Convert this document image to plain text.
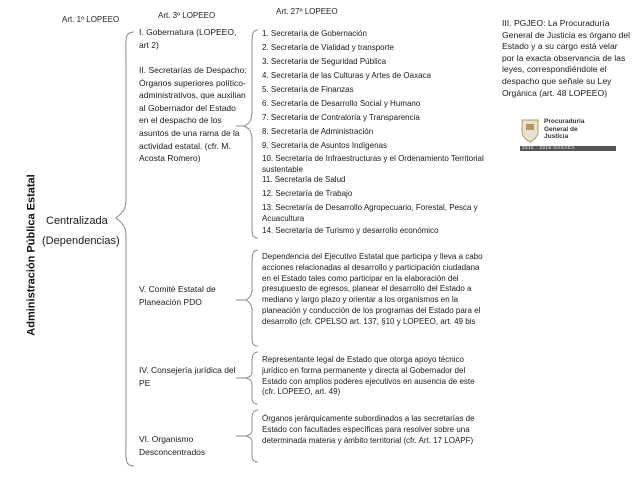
Art. 1º LOPEEO	Art. 3º LOPEEO	Art. 27º LOPEEO
Administración Pública Estatal Centralizada
(Dependencias)
I. Gobernatura (LOPEEO, art 2)
II. Secretarías de Despacho: Órganos superiores político-administrativos, que auxilian al Gobernador del Estado en el despacho de los asuntos de una rama de la actividad estatal. (cfr. M. Acosta Romero)
V. Comité Estatal de Planeación PDO
IV. Consejería jurídica del PE
VI. Organismo Desconcentrados
1. Secretaría de Gobernación
2. Secretaría de Vialidad y transporte
3. Secretaría de Seguridad Pública
4. Secretaría de las Culturas y Artes de Oaxaca
5. Secretaría de Finanzas
6. Secretaría de Desarrollo Social y Humano
7. Secretaría de Contraloría y Transparencia
8. Secretaría de Administración
9. Secretaría de Asuntos Indígenas
10. Secretaría de Infraestructuras y el Ordenamiento Territorial sustentable
11. Secretaría de Salud
12. Secretaría de Trabajo
13. Secretaría de Desarrollo Agropecuario, Forestal, Pesca y Acuacultura
14. Secretaría de Turismo y desarrollo económico
Dependencia del Ejecutivo Estatal que participa y lleva a cabo acciones relacionadas al desarrollo y participación ciudadana en el Estado tales como participar en la elaboración del presupuesto de egresos, planear el desarrollo del Estado a mediano y largo plazo y orientar a los organismos en la planeación y conducción de los programas del Estado para el desarrollo (cfr. CPELSO art. 137, §10 y LOPEEO, art. 49 bis
Representante legal de Estado que otorga apoyo técnico jurídico en forma permanente y directa al Gobernador del Estado con amplios poderes ejecutivos en ausencia de este (cfr. LOPEEO, art. 49)
Órganos jerárquicamente subordinados a las secretarías de Estado con facultades específicas para resolver sobre una determinada materia y ámbito territorial (cfr. Art. 17 LOAPF)
III. PGJEO: La Procuraduría General de Justicia es órgano del Estado y a su cargo está velar por la exacta observancia de las leyes, correspondiéndole el despacho que señale su Ley Orgánica (art. 48 LOPEEO)
Procuraduría
General de
Justicia
2010 · 2016 OAXACA
